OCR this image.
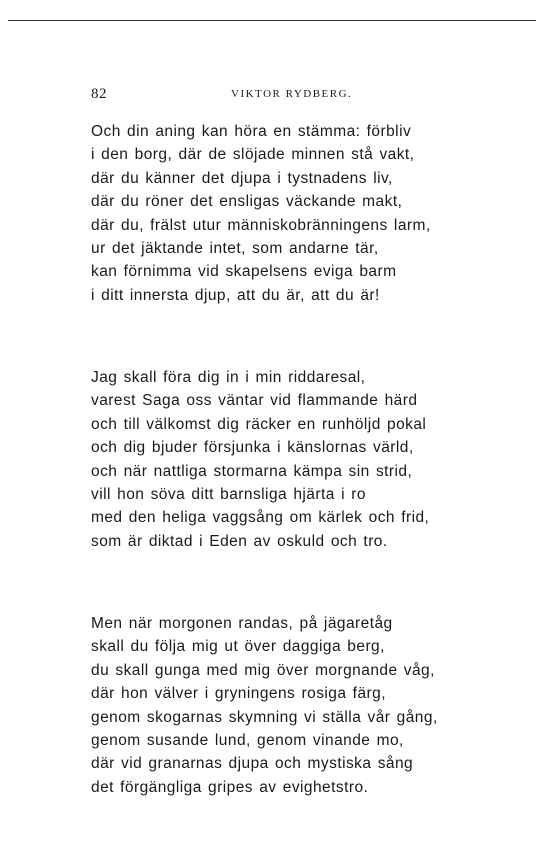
82	VIKTOR RYDBERG.
Och din aning kan höra en stämma: förbliv
i den borg, där de slöjade minnen stå vakt,
där du känner det djupa i tystnadens liv,
där du röner det ensligas väckande makt,
där du, frälst utur människobränningens larm,
ur det jäktande intet, som andarne tär,
kan förnimma vid skapelsens eviga barm
i ditt innersta djup, att du är, att du är!
Jag skall föra dig in i min riddaresal,
varest Saga oss väntar vid flammande härd
och till välkomst dig räcker en runhöljd pokal
och dig bjuder försjunka i känslornas värld,
och när nattliga stormarna kämpa sin strid,
vill hon söva ditt barnsliga hjärta i ro
med den heliga vaggsång om kärlek och frid,
som är diktad i Eden av oskuld och tro.
Men när morgonen randas, på jägaretåg
skall du följa mig ut över daggiga berg,
du skall gunga med mig över morgnande våg,
där hon välver i gryningens rosiga färg,
genom skogarnas skymning vi ställa vår gång,
genom susande lund, genom vinande mo,
där vid granarnas djupa och mystiska sång
det förgängliga gripes av evighetstro.
